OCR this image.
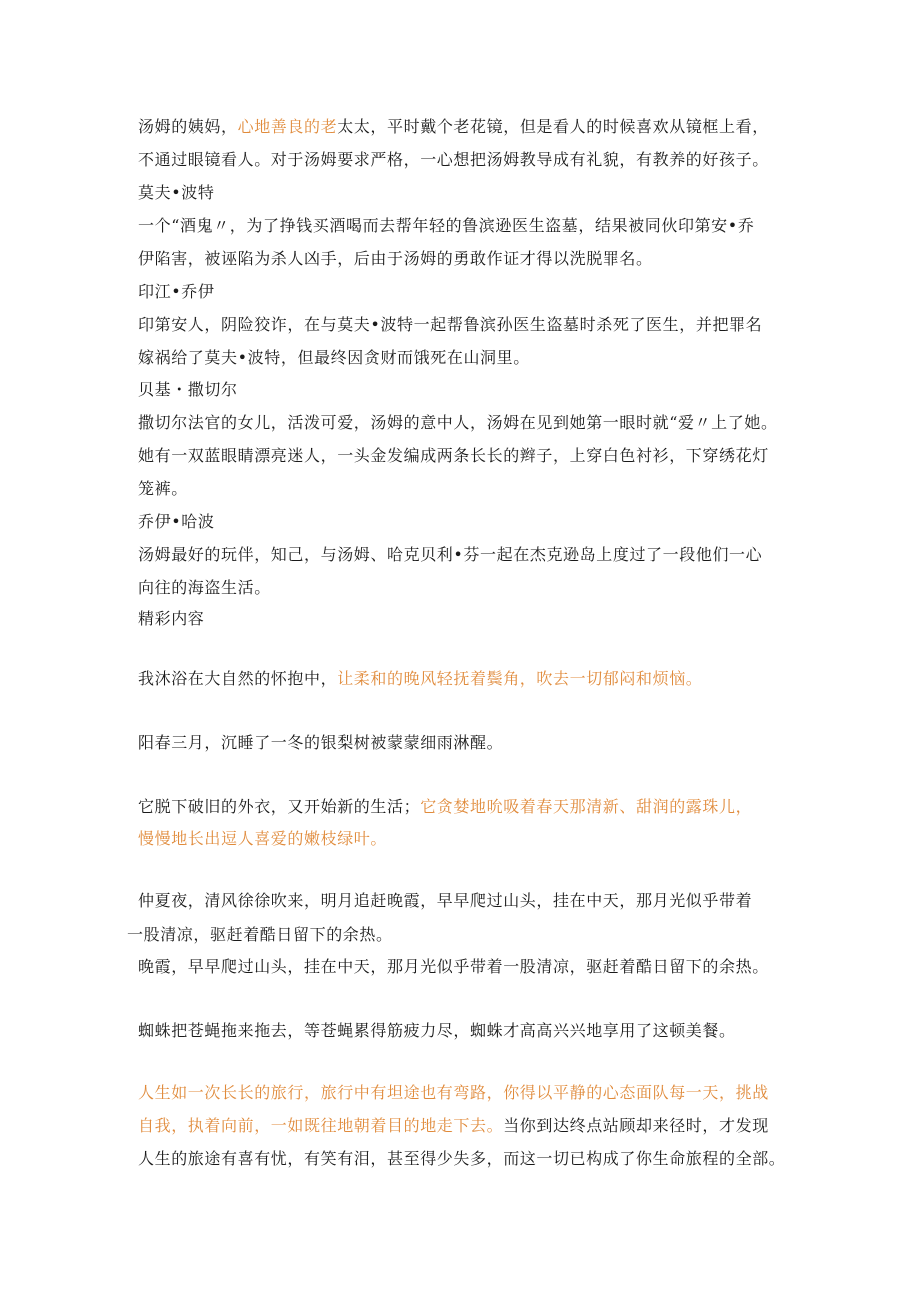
汤姆的姨妈，心地善良的老太太，平时戴个老花镜，但是看人的时候喜欢从镜框上看，
不通过眼镜看人。对于汤姆要求严格，一心想把汤姆教导成有礼貌，有教养的好孩子。
莫夫•波特
一个“酒鬼〃，为了挣钱买酒喝而去帮年轻的鲁滨逊医生盗墓，结果被同伙印第安•乔
伊陷害，被诬陷为杀人凶手，后由于汤姆的勇敢作证才得以洗脱罪名。
印江•乔伊
印第安人，阴险狡诈，在与莫夫•波特一起帮鲁滨孙医生盗墓时杀死了医生，并把罪名
嫁祸给了莫夫•波特，但最终因贪财而饿死在山洞里。
贝基・撒切尔
撒切尔法官的女儿，活泼可爱，汤姆的意中人，汤姆在见到她第一眼时就“爱〃上了她。
她有一双蓝眼睛漂亮迷人，一头金发编成两条长长的辫子，上穿白色衬衫，下穿绣花灯
笼裤。
乔伊•哈波
汤姆最好的玩伴，知己，与汤姆、哈克贝利•芬一起在杰克逊岛上度过了一段他们一心
向往的海盗生活。
精彩内容
我沐浴在大自然的怀抱中，让柔和的晚风轻抚着鬓角，吹去一切郁闷和烦恼。
阳春三月，沉睡了一冬的银梨树被蒙蒙细雨淋醒。
它脱下破旧的外衣，又开始新的生活；它贪婪地吮吸着春天那清新、甜润的露珠儿，
慢慢地长出逗人喜爱的嫩枝绿叶。
仲夏夜，清风徐徐吹来，明月追赶晚霞，早早爬过山头，挂在中天，那月光似乎带着
一股清凉，驱赶着酷日留下的余热。
晚霞，早早爬过山头，挂在中天，那月光似乎带着一股清凉，驱赶着酷日留下的余热。
蜘蛛把苍蝇拖来拖去，等苍蝇累得筋疲力尽，蜘蛛才高高兴兴地享用了这顿美餐。
人生如一次长长的旅行，旅行中有坦途也有弯路，你得以平静的心态面队每一天，挑战
自我，执着向前，一如既往地朝着目的地走下去。当你到达终点站顾却来径时，才发现
人生的旅途有喜有忧，有笑有泪，甚至得少失多，而这一切已构成了你生命旅程的全部。
